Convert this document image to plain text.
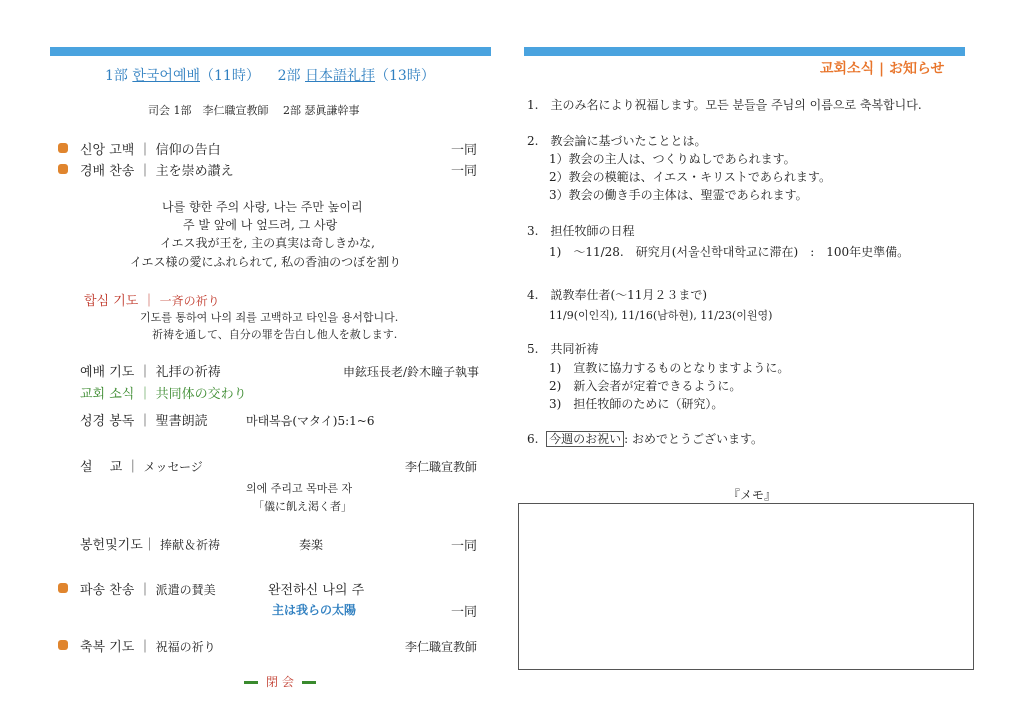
1部 한국어예배（11時） 2部 日本語礼拝（13時）
司会 1部　李仁職宣教師　 2部 瑟眞謙幹事
신앙 고백 ｜ 信仰の告白	一同
경배 찬송 ｜ 主を崇め讃え	一同
나를 향한 주의 사랑, 나는 주만 높이리
주 발 앞에 나 엎드려, 그 사랑
イエス我が王を, 主の真実は奇しきかな,
イエス様の愛にふれられて, 私の香油のつぼを割り
합심 기도 ｜ 一斉の祈り
기도를 통하여 나의 죄를 고백하고 타인을 용서합니다.
祈祷を通して、自分の罪を告白し他人を赦します.
예배 기도 ｜ 礼拝の祈祷	申鉉珏長老/鈴木瞳子執事
교회 소식 ｜ 共同体の交わり
성경 봉독 ｜ 聖書朗読	마태복음(マタイ)5:1~6
설　 교 ｜ メッセージ	李仁職宣教師
의에 주리고 목마른 자
「儀に飢え渇く者」
봉헌및기도｜ 捧献＆祈祷	奏楽	一同
파송 찬송 ｜ 派遣の賛美	완전하신 나의 주
主は我らの太陽	一同
축복 기도 ｜ 祝福の祈り	李仁職宣教師
閉 会
교회소식 | お知らせ
1.　主のみ名により祝福します。모든 분들을 주님의 이름으로 축복합니다.
2.　教会論に基づいたこととは。
1）教会の主人は、つくりぬしであられます。
2）教会の模範は、イエス・キリストであられます。
3）教会の働き手の主体は、聖霊であられます。
3.　担任牧師の日程
1)　～11/28.　研究月(서울신학대학교に滞在)　:　100年史準備。
4.　説教奉仕者(～11月２３まで)
11/9(이인직), 11/16(남하현), 11/23(이원영)
5.　共同祈祷
1)　宣教に協力するものとなりますように。
2)　新入会者が定着できるように。
3)　担任牧師のために（研究）。
6. 今週のお祝い : おめでとうございます。
『メモ』
